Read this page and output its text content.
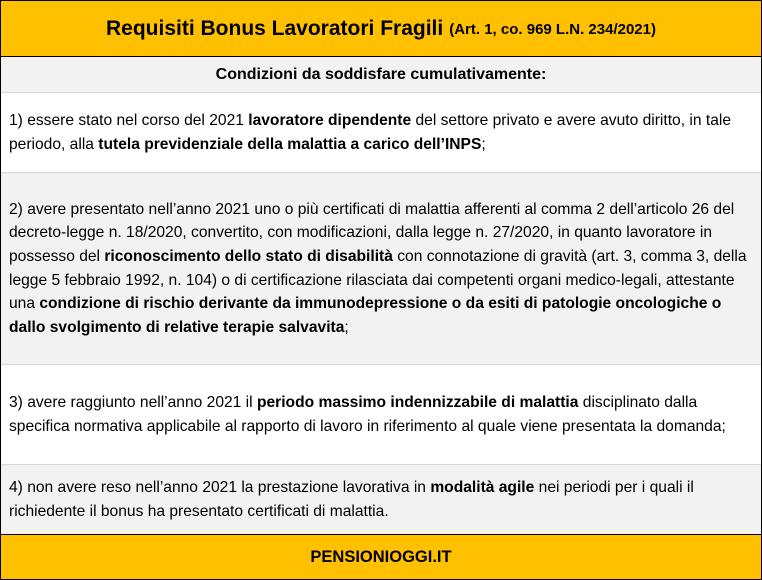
Requisiti Bonus Lavoratori Fragili (Art. 1, co. 969 L.N. 234/2021)
Condizioni da soddisfare cumulativamente:

1) essere stato nel corso del 2021 lavoratore dipendente del settore privato e avere avuto diritto, in tale periodo, alla tutela previdenziale della malattia a carico dell’INPS;

2) avere presentato nell’anno 2021 uno o più certificati di malattia afferenti al comma 2 dell’articolo 26 del decreto-legge n. 18/2020, convertito, con modificazioni, dalla legge n. 27/2020, in quanto lavoratore in possesso del riconoscimento dello stato di disabilità con connotazione di gravità (art. 3, comma 3, della legge 5 febbraio 1992, n. 104) o di certificazione rilasciata dai competenti organi medico-legali, attestante una condizione di rischio derivante da immunodepressione o da esiti di patologie oncologiche o dallo svolgimento di relative terapie salvavita;

3) avere raggiunto nell’anno 2021 il periodo massimo indennizzabile di malattia disciplinato dalla specifica normativa applicabile al rapporto di lavoro in riferimento al quale viene presentata la domanda;

4) non avere reso nell’anno 2021 la prestazione lavorativa in modalità agile nei periodi per i quali il richiedente il bonus ha presentato certificati di malattia.

PENSIONIOGGI.IT
